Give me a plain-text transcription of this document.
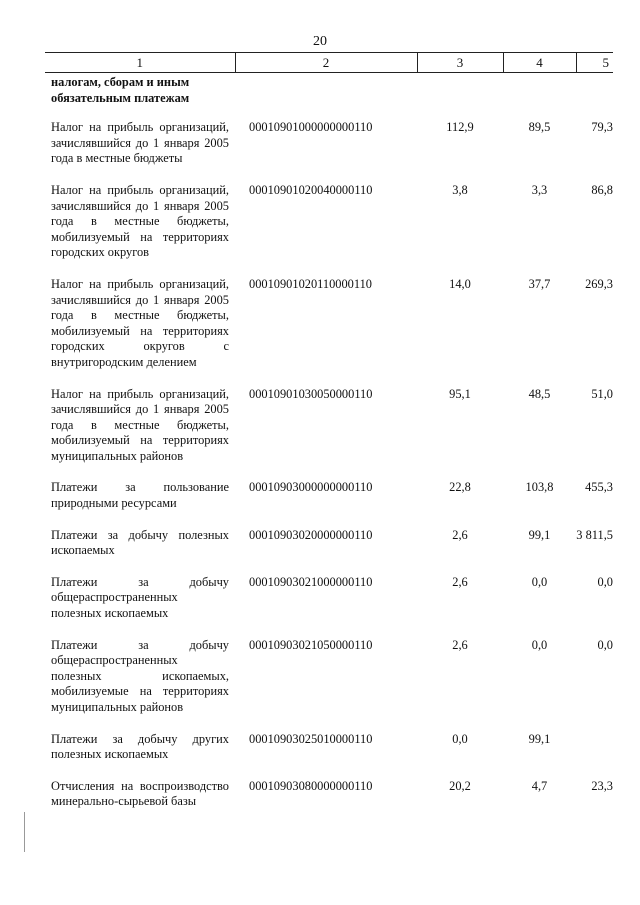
20
1	2	3	4	5
налогам, сборам и иным обязательным платежам				
Налог на прибыль организаций, зачислявшийся до 1 января 2005 года в местные бюджеты	00010901000000000110	112,9	89,5	79,3
Налог на прибыль организаций, зачислявшийся до 1 января 2005 года в местные бюджеты, мобилизуемый на территориях городских округов	00010901020040000110	3,8	3,3	86,8
Налог на прибыль организаций, зачислявшийся до 1 января 2005 года в местные бюджеты, мобилизуемый на территориях городских округов с внутригородским делением	00010901020110000110	14,0	37,7	269,3
Налог на прибыль организаций, зачислявшийся до 1 января 2005 года в местные бюджеты, мобилизуемый на территориях муниципальных районов	00010901030050000110	95,1	48,5	51,0
Платежи за пользование природными ресурсами	00010903000000000110	22,8	103,8	455,3
Платежи за добычу полезных ископаемых	00010903020000000110	2,6	99,1	3 811,5
Платежи за добычу общераспространенных полезных ископаемых	00010903021000000110	2,6	0,0	0,0
Платежи за добычу общераспространенных полезных ископаемых, мобилизуемые на территориях муниципальных районов	00010903021050000110	2,6	0,0	0,0
Платежи за добычу других полезных ископаемых	00010903025010000110	0,0	99,1	
Отчисления на воспроизводство минерально-сырьевой базы	00010903080000000110	20,2	4,7	23,3
